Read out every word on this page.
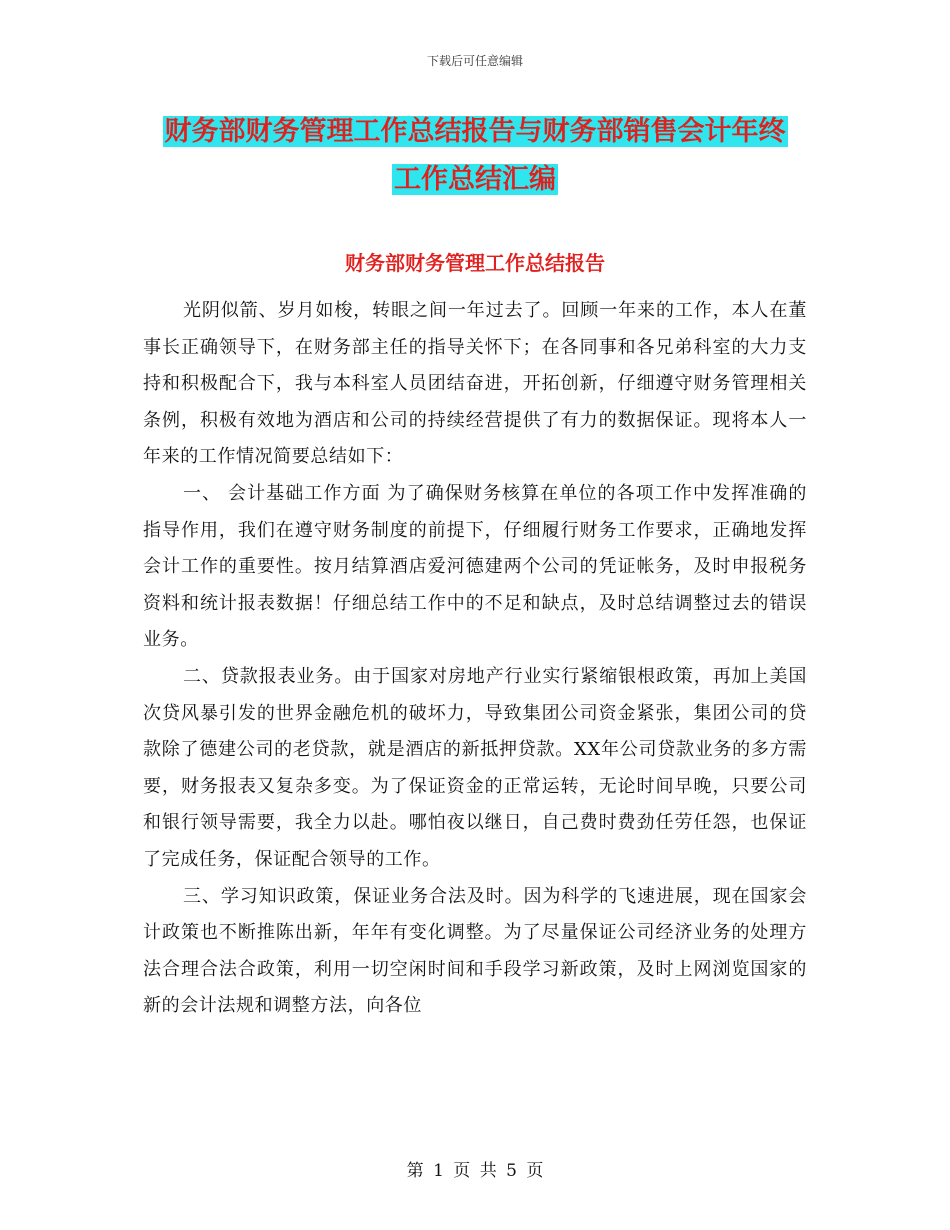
下载后可任意编辑
财务部财务管理工作总结报告与财务部销售会计年终
工作总结汇编
财务部财务管理工作总结报告

光阴似箭、岁月如梭，转眼之间一年过去了。回顾一年来的工作，本人在董事长正确领导下，在财务部主任的指导关怀下；在各同事和各兄弟科室的大力支持和积极配合下，我与本科室人员团结奋进，开拓创新，仔细遵守财务管理相关条例，积极有效地为酒店和公司的持续经营提供了有力的数据保证。现将本人一年来的工作情况简要总结如下：

一、 会计基础工作方面 为了确保财务核算在单位的各项工作中发挥准确的指导作用，我们在遵守财务制度的前提下，仔细履行财务工作要求，正确地发挥会计工作的重要性。按月结算酒店爱河德建两个公司的凭证帐务，及时申报税务资料和统计报表数据！仔细总结工作中的不足和缺点，及时总结调整过去的错误业务。

二、贷款报表业务。由于国家对房地产行业实行紧缩银根政策，再加上美国次贷风暴引发的世界金融危机的破坏力，导致集团公司资金紧张，集团公司的贷款除了德建公司的老贷款，就是酒店的新抵押贷款。XX年公司贷款业务的多方需要，财务报表又复杂多变。为了保证资金的正常运转，无论时间早晚，只要公司和银行领导需要，我全力以赴。哪怕夜以继日，自己费时费劲任劳任怨，也保证了完成任务，保证配合领导的工作。

三、学习知识政策，保证业务合法及时。因为科学的飞速进展，现在国家会计政策也不断推陈出新，年年有变化调整。为了尽量保证公司经济业务的处理方法合理合法合政策，利用一切空闲时间和手段学习新政策，及时上网浏览国家的新的会计法规和调整方法，向各位

第 1 页 共 5 页
